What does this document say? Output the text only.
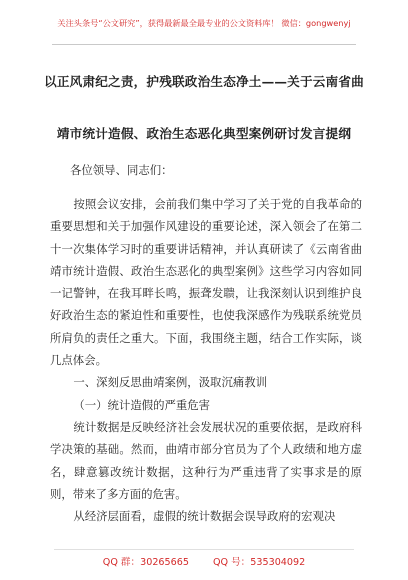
关注头条号“公文研究”，获得最新最全最专业的公文资料库！ 微信：gongwenyj
以正风肃纪之责，护残联政治生态净土——关于云南省曲
靖市统计造假、政治生态恶化典型案例研讨发言提纲
各位领导、同志们：

按照会议安排，会前我们集中学习了关于党的自我革命的重要思想和关于加强作风建设的重要论述，深入领会了在第二十一次集体学习时的重要讲话精神，并认真研读了《云南省曲靖市统计造假、政治生态恶化的典型案例》这些学习内容如同一记警钟，在我耳畔长鸣，振聋发聩，让我深刻认识到维护良好政治生态的紧迫性和重要性，也使我深感作为残联系统党员所肩负的责任之重大。下面，我围绕主题，结合工作实际，谈几点体会。

一、深刻反思曲靖案例，汲取沉痛教训

（一）统计造假的严重危害

统计数据是反映经济社会发展状况的重要依据，是政府科学决策的基础。然而，曲靖市部分官员为了个人政绩和地方虚名，肆意篡改统计数据，这种行为严重违背了实事求是的原则，带来了多方面的危害。

从经济层面看，虚假的统计数据会误导政府的宏观决

QQ 群：30265665	QQ 号：535304092
